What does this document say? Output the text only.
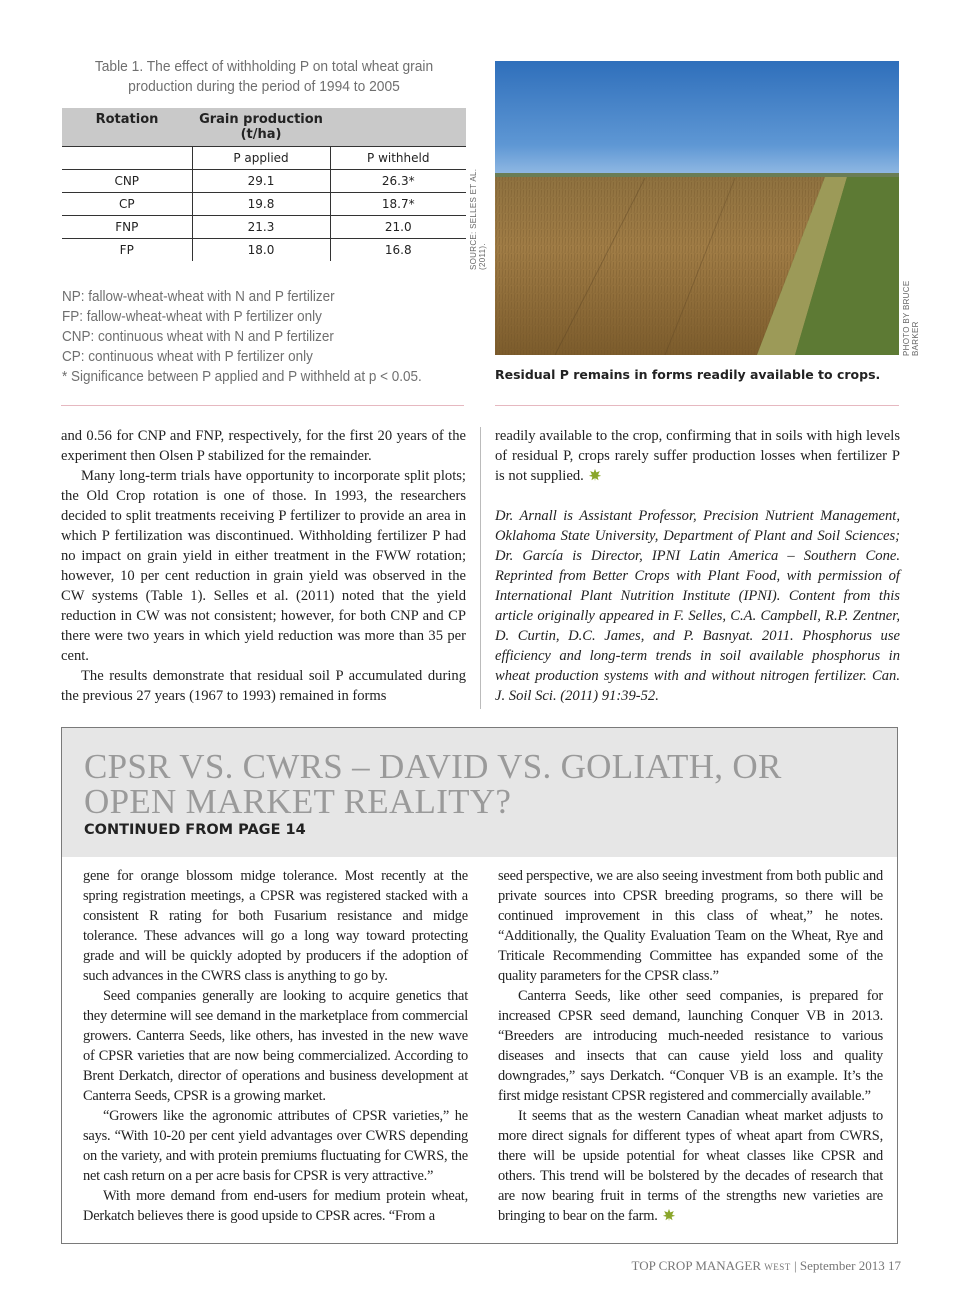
Table 1. The effect of withholding P on total wheat grain production during the period of 1994 to 2005
Rotation	Grain production (t/ha)	
	P applied	P withheld
CNP	29.1	26.3*
CP	19.8	18.7*
FNP	21.3	21.0
FP	18.0	16.8	SOURCE: SELLES ET AL. (2011).
NP: fallow-wheat-wheat with N and P fertilizer
FP: fallow-wheat-wheat with P fertilizer only
CNP: continuous wheat with N and P fertilizer
CP: continuous wheat with P fertilizer only
* Significance between P applied and P withheld at p < 0.05.
PHOTO BY BRUCE BARKER
Residual P remains in forms readily available to crops.

and 0.56 for CNP and FNP, respectively, for the first 20 years of the experiment then Olsen P stabilized for the remainder.

Many long-term trials have opportunity to incorporate split plots; the Old Crop rotation is one of those. In 1993, the researchers decided to split treatments receiving P fertilizer to provide an area in which P fertilization was discontinued. Withholding fertilizer P had no impact on grain yield in either treatment in the FWW rotation; however, 10 per cent reduction in grain yield was observed in the CW systems (Table 1). Selles et al. (2011) noted that the yield reduction in CW was not consistent; however, for both CNP and CP there were two years in which yield reduction was more than 35 per cent.

The results demonstrate that residual soil P accumulated during the previous 27 years (1967 to 1993) remained in forms

readily available to the crop, confirming that in soils with high levels of residual P, crops rarely suffer production losses when fertilizer P is not supplied.

Dr. Arnall is Assistant Professor, Precision Nutrient Management, Oklahoma State University, Department of Plant and Soil Sciences; Dr. García is Director, IPNI Latin America – Southern Cone. Reprinted from Better Crops with Plant Food, with permission of International Plant Nutrition Institute (IPNI). Content from this article originally appeared in F. Selles, C.A. Campbell, R.P. Zentner, D. Curtin, D.C. James, and P. Basnyat. 2011. Phosphorus use efficiency and long-term trends in soil available phosphorus in wheat production systems with and without nitrogen fertilizer. Can. J. Soil Sci. (2011) 91:39-52.

CPSR VS. CWRS – DAVID VS. GOLIATH, OR
OPEN MARKET REALITY?
CONTINUED FROM PAGE 14

gene for orange blossom midge tolerance. Most recently at the spring registration meetings, a CPSR was registered stacked with a consistent R rating for both Fusarium resistance and midge tolerance. These advances will go a long way toward protecting grade and will be quickly adopted by producers if the adoption of such advances in the CWRS class is anything to go by.

Seed companies generally are looking to acquire genetics that they determine will see demand in the marketplace from commercial growers. Canterra Seeds, like others, has invested in the new wave of CPSR varieties that are now being commercialized. According to Brent Derkatch, director of operations and business development at Canterra Seeds, CPSR is a growing market.

“Growers like the agronomic attributes of CPSR varieties,” he says. “With 10-20 per cent yield advantages over CWRS depending on the variety, and with protein premiums fluctuating for CWRS, the net cash return on a per acre basis for CPSR is very attractive.”

With more demand from end-users for medium protein wheat, Derkatch believes there is good upside to CPSR acres. “From a

seed perspective, we are also seeing investment from both public and private sources into CPSR breeding programs, so there will be continued improvement in this class of wheat,” he notes. “Additionally, the Quality Evaluation Team on the Wheat, Rye and Triticale Recommending Committee has expanded some of the quality parameters for the CPSR class.”

Canterra Seeds, like other seed companies, is prepared for increased CPSR seed demand, launching Conquer VB in 2013. “Breeders are introducing much-needed resistance to various diseases and insects that can cause yield loss and quality downgrades,” says Derkatch. “Conquer VB is an example. It’s the first midge resistant CPSR registered and commercially available.”

It seems that as the western Canadian wheat market adjusts to more direct signals for different types of wheat apart from CWRS, there will be upside potential for wheat classes like CPSR and others. This trend will be bolstered by the decades of research that are now bearing fruit in terms of the strengths new varieties are bringing to bear on the farm.

TOP CROP MANAGER WEST | September 2013 17
